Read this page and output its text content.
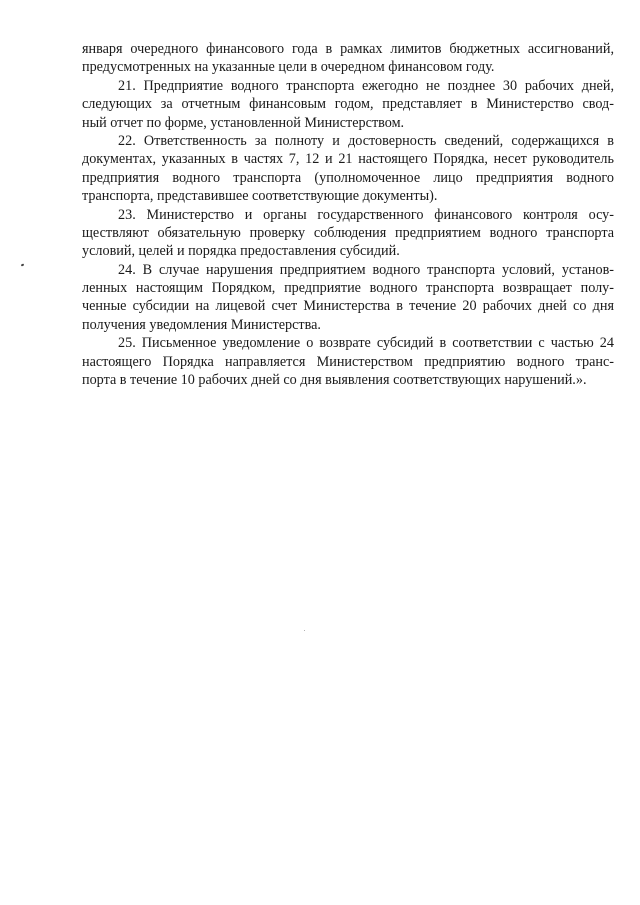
января очередного финансового года в рамках лимитов бюджетных ассигнований,
предусмотренных на указанные цели в очередном финансовом году.
21. Предприятие водного транспорта ежегодно не позднее 30 рабочих дней,
следующих за отчетным финансовым годом, представляет в Министерство свод-
ный отчет по форме, установленной Министерством.
22. Ответственность за полноту и достоверность сведений, содержащихся в
документах, указанных в частях 7, 12 и 21 настоящего Порядка, несет руководитель
предприятия водного транспорта (уполномоченное лицо предприятия водного
транспорта, представившее соответствующие документы).
23. Министерство и органы государственного финансового контроля осу-
ществляют обязательную проверку соблюдения предприятием водного транспорта
условий, целей и порядка предоставления субсидий.
24. В случае нарушения предприятием водного транспорта условий, установ-
ленных настоящим Порядком, предприятие водного транспорта возвращает полу-
ченные субсидии на лицевой счет Министерства в течение 20 рабочих дней со дня
получения уведомления Министерства.
25. Письменное уведомление о возврате субсидий в соответствии с частью 24
настоящего Порядка направляется Министерством предприятию водного транс-
порта в течение 10 рабочих дней со дня выявления соответствующих нарушений.».
